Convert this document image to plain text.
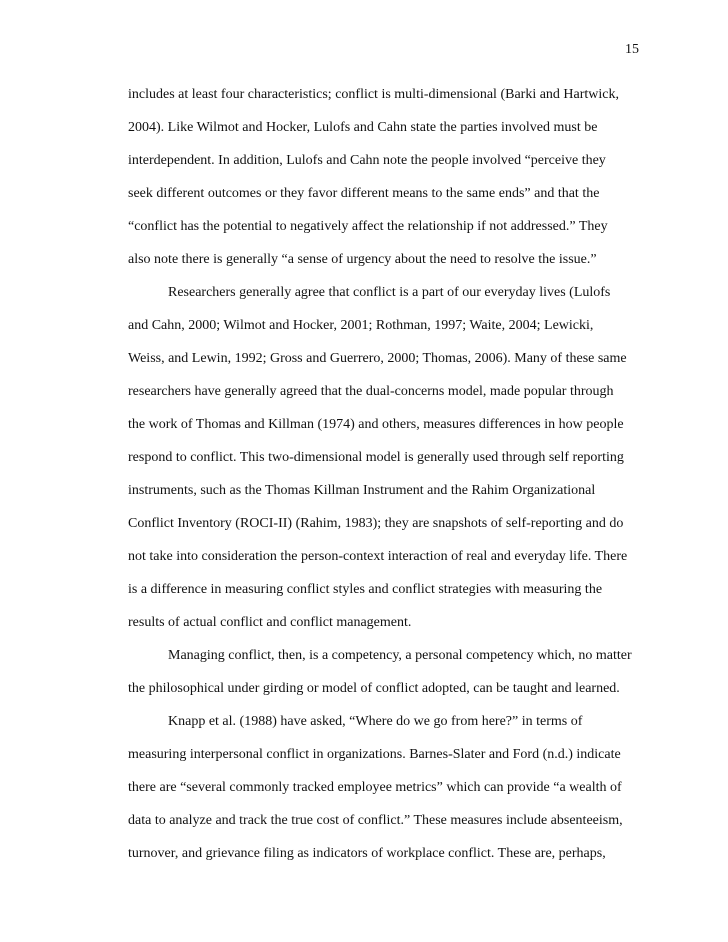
15
includes at least four characteristics; conflict is multi-dimensional (Barki and Hartwick,
2004). Like Wilmot and Hocker, Lulofs and Cahn state the parties involved must be
interdependent. In addition, Lulofs and Cahn note the people involved “perceive they
seek different outcomes or they favor different means to the same ends” and that the
“conflict has the potential to negatively affect the relationship if not addressed.” They
also note there is generally “a sense of urgency about the need to resolve the issue.”
Researchers generally agree that conflict is a part of our everyday lives (Lulofs
and Cahn, 2000; Wilmot and Hocker, 2001; Rothman, 1997; Waite, 2004; Lewicki,
Weiss, and Lewin, 1992; Gross and Guerrero, 2000; Thomas, 2006). Many of these same
researchers have generally agreed that the dual-concerns model, made popular through
the work of Thomas and Killman (1974) and others, measures differences in how people
respond to conflict. This two-dimensional model is generally used through self reporting
instruments, such as the Thomas Killman Instrument and the Rahim Organizational
Conflict Inventory (ROCI-II) (Rahim, 1983); they are snapshots of self-reporting and do
not take into consideration the person-context interaction of real and everyday life. There
is a difference in measuring conflict styles and conflict strategies with measuring the
results of actual conflict and conflict management.
Managing conflict, then, is a competency, a personal competency which, no matter
the philosophical under girding or model of conflict adopted, can be taught and learned.
Knapp et al. (1988) have asked, “Where do we go from here?” in terms of
measuring interpersonal conflict in organizations. Barnes-Slater and Ford (n.d.) indicate
there are “several commonly tracked employee metrics” which can provide “a wealth of
data to analyze and track the true cost of conflict.” These measures include absenteeism,
turnover, and grievance filing as indicators of workplace conflict. These are, perhaps,
